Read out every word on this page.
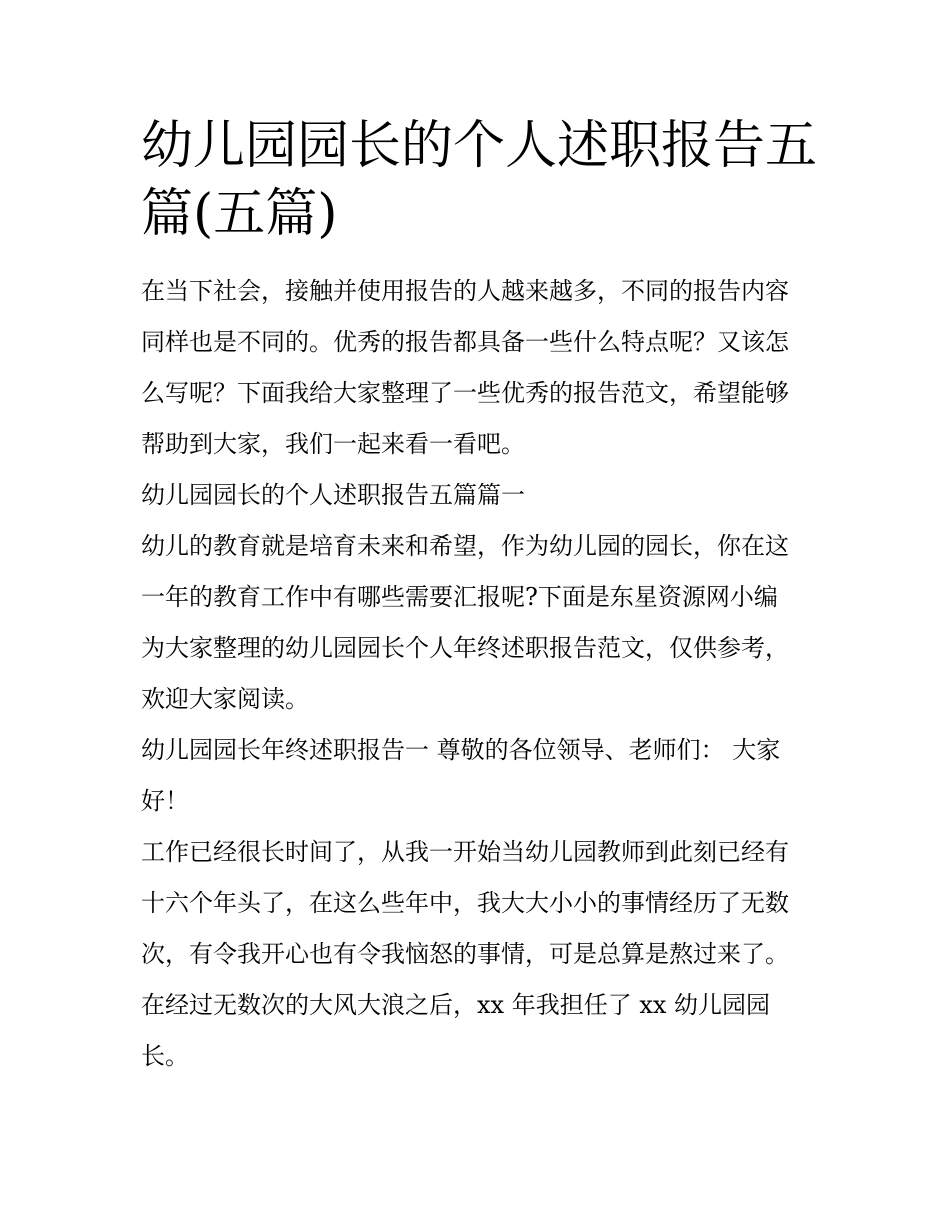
幼儿园园长的个人述职报告五
篇(五篇)

在当下社会，接触并使用报告的人越来越多，不同的报告内容
同样也是不同的。优秀的报告都具备一些什么特点呢？又该怎
么写呢？下面我给大家整理了一些优秀的报告范文，希望能够
帮助到大家，我们一起来看一看吧。

幼儿园园长的个人述职报告五篇篇一

幼儿的教育就是培育未来和希望，作为幼儿园的园长，你在这
一年的教育工作中有哪些需要汇报呢?下面是东星资源网小编
为大家整理的幼儿园园长个人年终述职报告范文，仅供参考，
欢迎大家阅读。

幼儿园园长年终述职报告一 尊敬的各位领导、老师们： 大家
好！

工作已经很长时间了，从我一开始当幼儿园教师到此刻已经有
十六个年头了，在这么些年中，我大大小小的事情经历了无数
次，有令我开心也有令我恼怒的事情，可是总算是熬过来了。
在经过无数次的大风大浪之后，xx 年我担任了 xx 幼儿园园
长。
